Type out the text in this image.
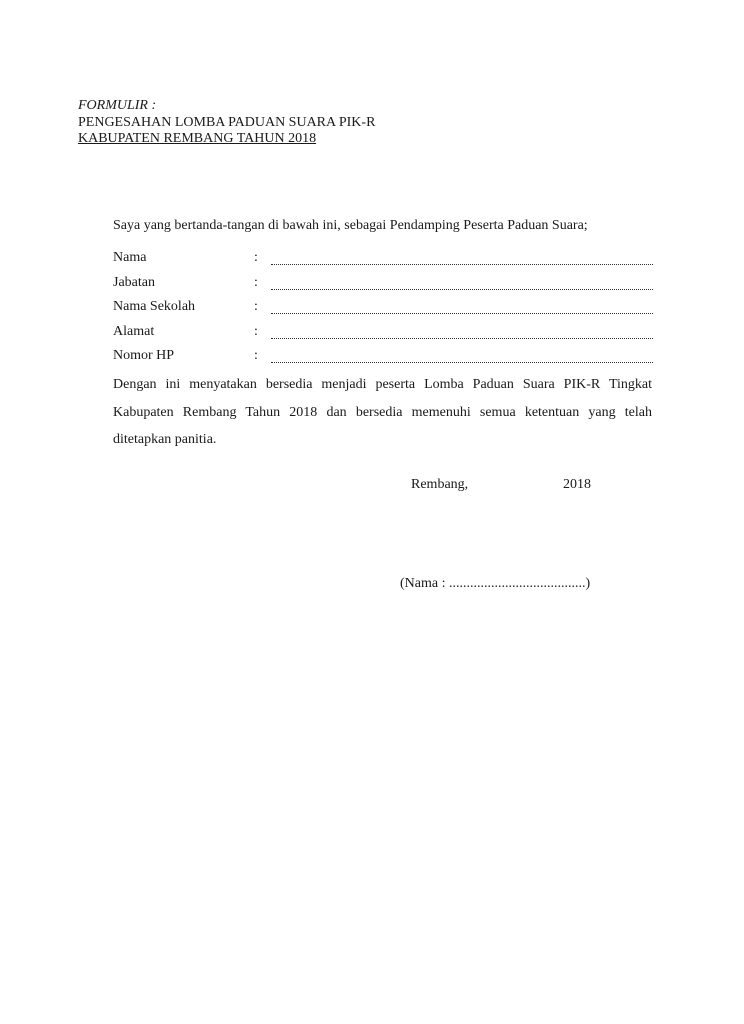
FORMULIR :
PENGESAHAN LOMBA PADUAN SUARA PIK-R
KABUPATEN REMBANG TAHUN 2018
Saya yang bertanda-tangan di bawah ini, sebagai Pendamping Peserta Paduan Suara;
Nama	:
Jabatan	:
Nama Sekolah	:
Alamat	:
Nomor HP	:
Dengan ini menyatakan bersedia menjadi peserta Lomba Paduan Suara PIK-R Tingkat Kabupaten Rembang Tahun 2018 dan bersedia memenuhi semua ketentuan yang telah ditetapkan panitia.
Rembang,	2018
(Nama : .......................................)
